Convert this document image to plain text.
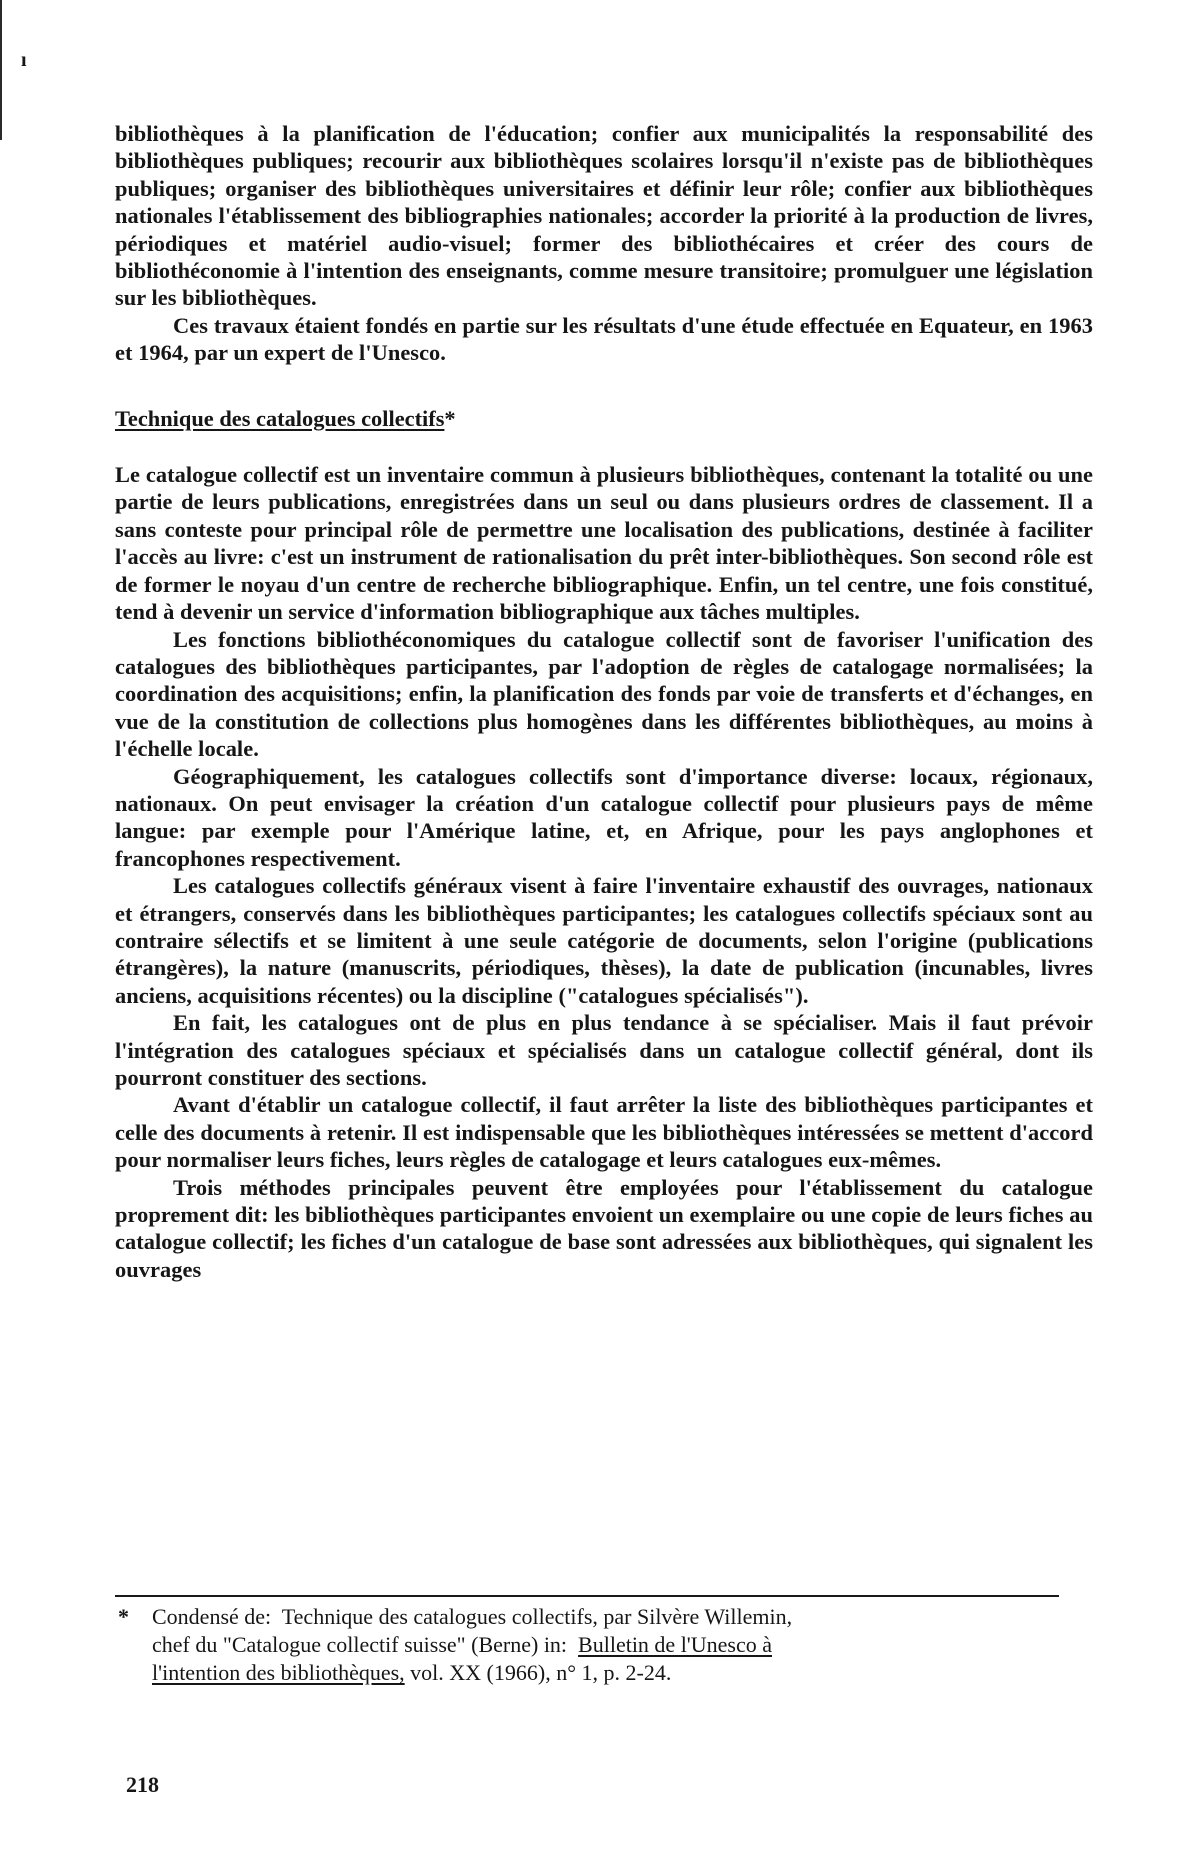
ı

bibliothèques à la planification de l'éducation; confier aux municipalités la responsabilité des bibliothèques publiques; recourir aux bibliothèques scolaires lorsqu'il n'existe pas de bibliothèques publiques; organiser des bibliothèques universitaires et définir leur rôle; confier aux bibliothèques nationales l'établissement des bibliographies nationales; accorder la priorité à la production de livres, périodiques et matériel audio-visuel; former des bibliothécaires et créer des cours de bibliothéconomie à l'intention des enseignants, comme mesure transitoire; promulguer une législation sur les bibliothèques.

Ces travaux étaient fondés en partie sur les résultats d'une étude effectuée en Equateur, en 1963 et 1964, par un expert de l'Unesco.

Technique des catalogues collectifs*

Le catalogue collectif est un inventaire commun à plusieurs bibliothèques, contenant la totalité ou une partie de leurs publications, enregistrées dans un seul ou dans plusieurs ordres de classement. Il a sans conteste pour principal rôle de permettre une localisation des publications, destinée à faciliter l'accès au livre: c'est un instrument de rationalisation du prêt inter-bibliothèques. Son second rôle est de former le noyau d'un centre de recherche bibliographique. Enfin, un tel centre, une fois constitué, tend à devenir un service d'information bibliographique aux tâches multiples.

Les fonctions bibliothéconomiques du catalogue collectif sont de favoriser l'unification des catalogues des bibliothèques participantes, par l'adoption de règles de catalogage normalisées; la coordination des acquisitions; enfin, la planification des fonds par voie de transferts et d'échanges, en vue de la constitution de collections plus homogènes dans les différentes bibliothèques, au moins à l'échelle locale.

Géographiquement, les catalogues collectifs sont d'importance diverse: locaux, régionaux, nationaux. On peut envisager la création d'un catalogue collectif pour plusieurs pays de même langue: par exemple pour l'Amérique latine, et, en Afrique, pour les pays anglophones et francophones respectivement.

Les catalogues collectifs généraux visent à faire l'inventaire exhaustif des ouvrages, nationaux et étrangers, conservés dans les bibliothèques participantes; les catalogues collectifs spéciaux sont au contraire sélectifs et se limitent à une seule catégorie de documents, selon l'origine (publications étrangères), la nature (manuscrits, périodiques, thèses), la date de publication (incunables, livres anciens, acquisitions récentes) ou la discipline ("catalogues spécialisés").

En fait, les catalogues ont de plus en plus tendance à se spécialiser. Mais il faut prévoir l'intégration des catalogues spéciaux et spécialisés dans un catalogue collectif général, dont ils pourront constituer des sections.

Avant d'établir un catalogue collectif, il faut arrêter la liste des bibliothèques participantes et celle des documents à retenir. Il est indispensable que les bibliothèques intéressées se mettent d'accord pour normaliser leurs fiches, leurs règles de catalogage et leurs catalogues eux-mêmes.

Trois méthodes principales peuvent être employées pour l'établissement du catalogue proprement dit: les bibliothèques participantes envoient un exemplaire ou une copie de leurs fiches au catalogue collectif; les fiches d'un catalogue de base sont adressées aux bibliothèques, qui signalent les ouvrages

* Condensé de: Technique des catalogues collectifs, par Silvère Willemin,
chef du "Catalogue collectif suisse" (Berne) in: Bulletin de l'Unesco à
l'intention des bibliothèques, vol. XX (1966), n° 1, p. 2-24.
218
